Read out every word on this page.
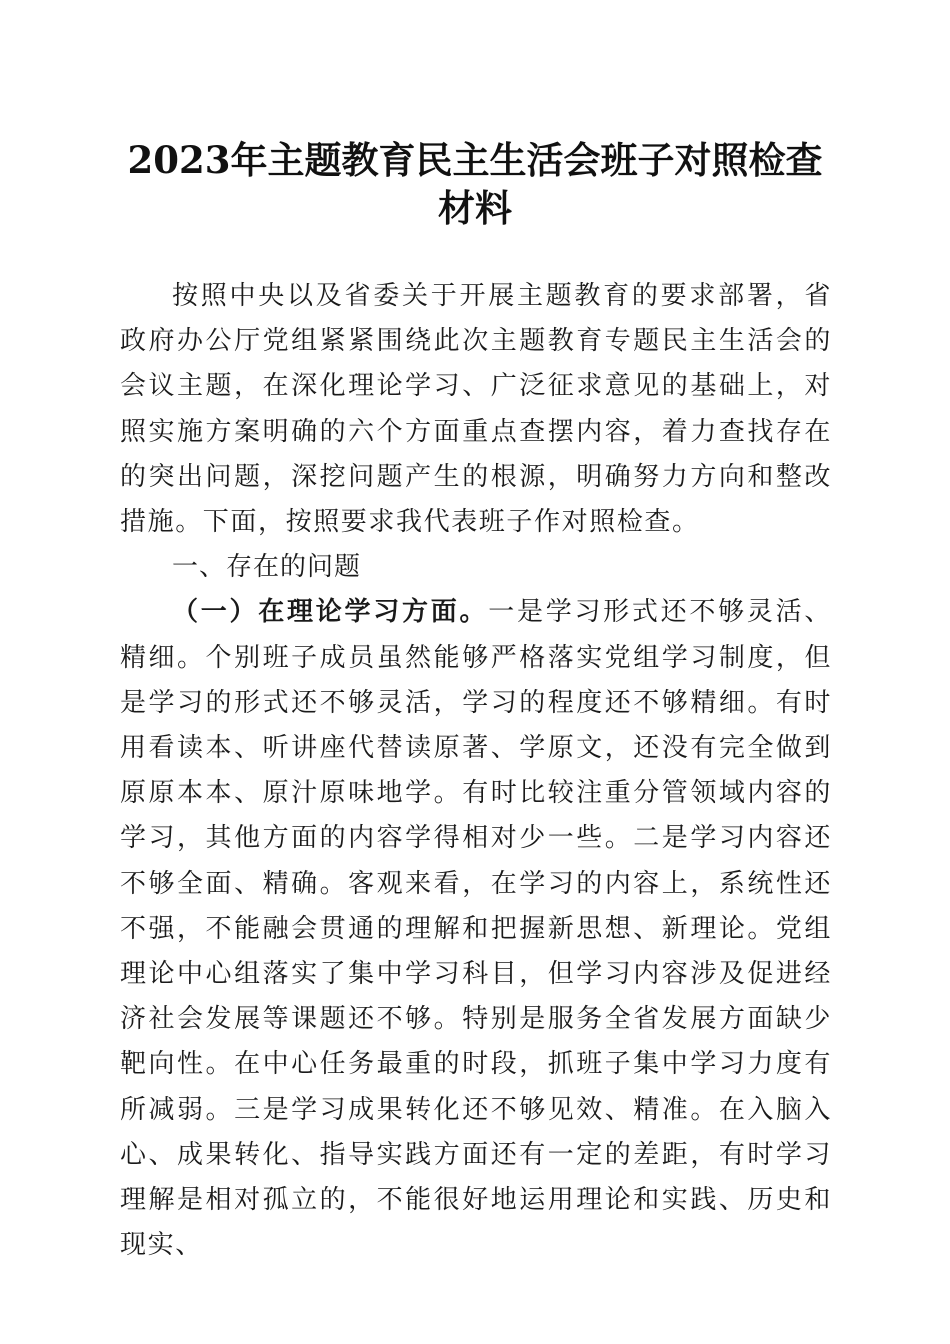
2023年主题教育民主生活会班子对照检查材料

按照中央以及省委关于开展主题教育的要求部署，省政府办公厅党组紧紧围绕此次主题教育专题民主生活会的会议主题，在深化理论学习、广泛征求意见的基础上，对照实施方案明确的六个方面重点查摆内容，着力查找存在的突出问题，深挖问题产生的根源，明确努力方向和整改措施。下面，按照要求我代表班子作对照检查。

一、存在的问题

（一）在理论学习方面。一是学习形式还不够灵活、精细。个别班子成员虽然能够严格落实党组学习制度，但是学习的形式还不够灵活，学习的程度还不够精细。有时用看读本、听讲座代替读原著、学原文，还没有完全做到原原本本、原汁原味地学。有时比较注重分管领域内容的学习，其他方面的内容学得相对少一些。二是学习内容还不够全面、精确。客观来看，在学习的内容上，系统性还不强，不能融会贯通的理解和把握新思想、新理论。党组理论中心组落实了集中学习科目，但学习内容涉及促进经济社会发展等课题还不够。特别是服务全省发展方面缺少靶向性。在中心任务最重的时段，抓班子集中学习力度有所减弱。三是学习成果转化还不够见效、精准。在入脑入心、成果转化、指导实践方面还有一定的差距，有时学习理解是相对孤立的，不能很好地运用理论和实践、历史和现实、
